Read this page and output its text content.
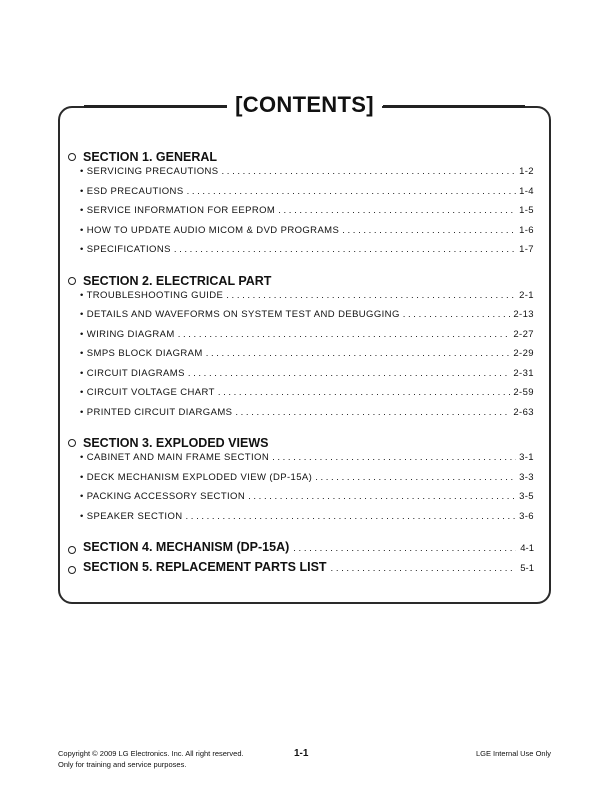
[CONTENTS]
SECTION 1. GENERAL
• SERVICING PRECAUTIONS . . .	1-2
• ESD PRECAUTIONS . . .	1-4
• SERVICE INFORMATION FOR EEPROM . . .	1-5
• HOW TO UPDATE AUDIO MICOM & DVD PROGRAMS . . .	1-6
• SPECIFICATIONS . . .	1-7
SECTION 2. ELECTRICAL PART
• TROUBLESHOOTING GUIDE . . .	2-1
• DETAILS AND WAVEFORMS ON SYSTEM TEST AND DEBUGGING . . .	2-13
• WIRING DIAGRAM . . .	2-27
• SMPS BLOCK DIAGRAM . . .	2-29
• CIRCUIT DIAGRAMS . . .	2-31
• CIRCUIT VOLTAGE CHART . . .	2-59
• PRINTED CIRCUIT DIARGAMS . . .	2-63
SECTION 3. EXPLODED VIEWS
• CABINET AND MAIN FRAME SECTION . . .	3-1
• DECK MECHANISM EXPLODED VIEW (DP-15A) . . .	3-3
• PACKING ACCESSORY SECTION . . .	3-5
• SPEAKER SECTION . . .	3-6
SECTION 4. MECHANISM (DP-15A) . . .	4-1
SECTION 5. REPLACEMENT PARTS LIST . . .	5-1
Copyright © 2009 LG Electronics. Inc. All right reserved.
Only for training and service purposes.
1-1	LGE Internal Use Only
